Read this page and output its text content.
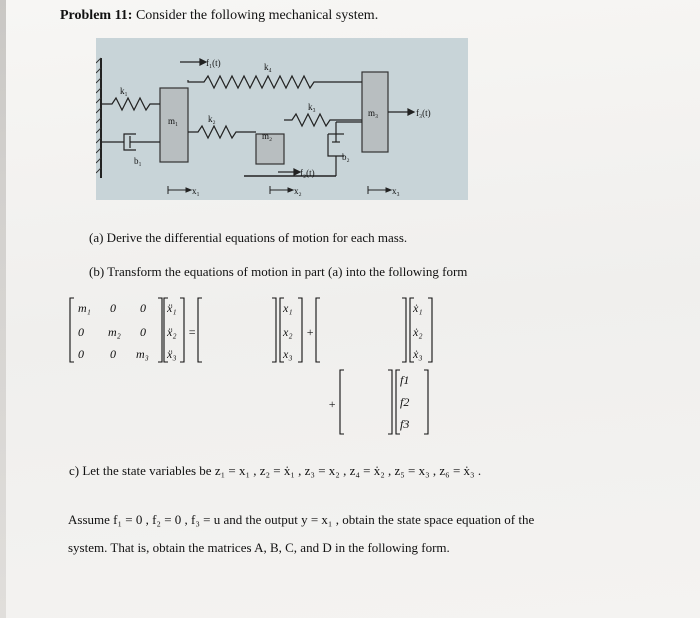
Problem 11: Consider the following mechanical system.
f₁(t)	k₄
k₁
k₃
k₂
m₁
m₂
m₃	f₃(t)
b₁	b₂
f₂(t)
x₁	x₂	x₃
(a) Derive the differential equations of motion for each mass.
(b) Transform the equations of motion in part (a) into the following form
m₁ 0 0
0 m₂ 0
0 0 m₃
ẍ₁
ẍ₂
ẍ₃
=
x₁
x₂
x₃
+
ẋ₁
ẋ₂
ẋ₃
+
f1
f2
f3
c) Let the state variables be z₁ = x₁ , z₂ = ẋ₁ , z₃ = x₂ , z₄ = ẋ₂ , z₅ = x₃ , z₆ = ẋ₃ .
Assume f₁ = 0 , f₂ = 0 , f₃ = u and the output y = x₁ , obtain the state space equation of the
system. That is, obtain the matrices A, B, C, and D in the following form.
